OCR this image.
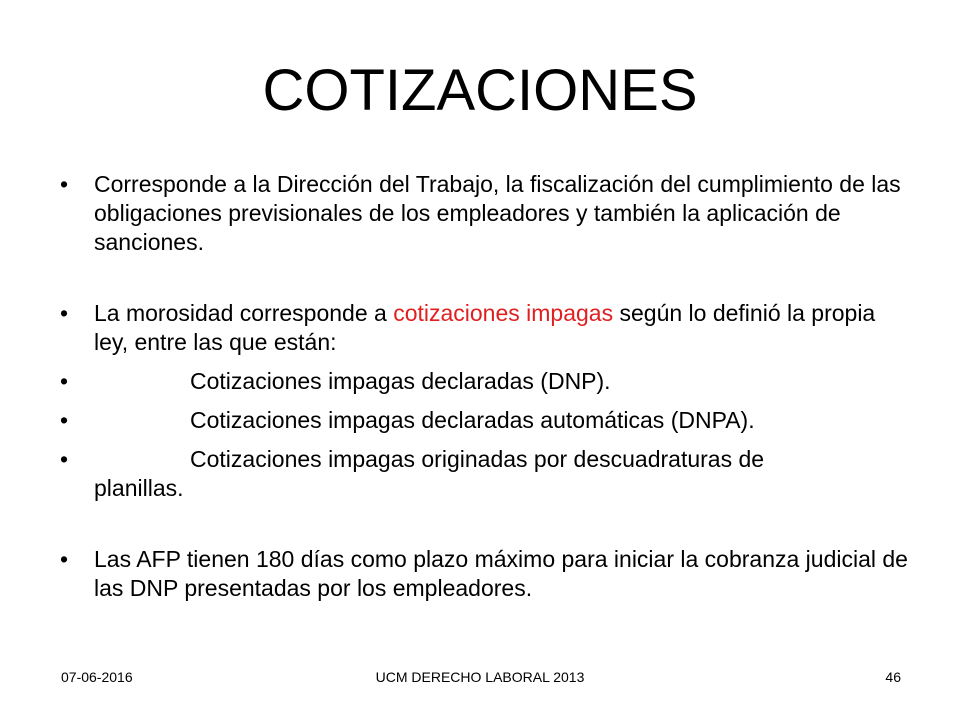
COTIZACIONES
• Corresponde a la Dirección del Trabajo, la fiscalización del cumplimiento de las obligaciones previsionales de los empleadores y también la aplicación de sanciones.
• La morosidad corresponde a cotizaciones impagas según lo definió la propia ley, entre las que están:
•	Cotizaciones impagas declaradas (DNP).
•	Cotizaciones impagas declaradas automáticas (DNPA).
•	Cotizaciones impagas originadas por descuadraturas de
planillas.
• Las AFP tienen 180 días como plazo máximo para iniciar la cobranza judicial de las DNP presentadas por los empleadores.
07-06-2016	UCM DERECHO LABORAL 2013	46
